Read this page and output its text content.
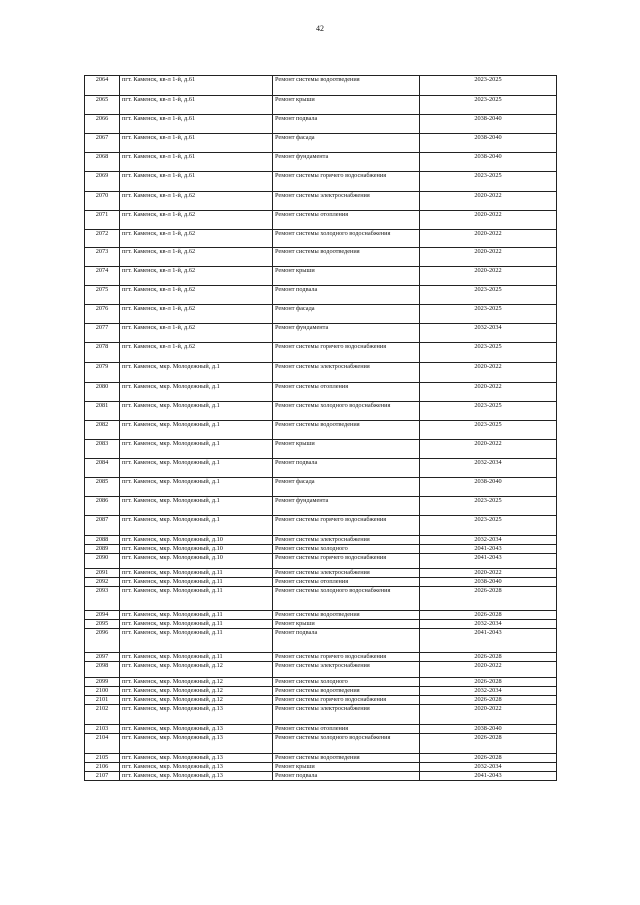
42
2064	пгт. Каменск, кв-л 1-й, д.61	Ремонт системы водоотведения	2023-2025
2065	пгт. Каменск, кв-л 1-й, д.61	Ремонт крыши	2023-2025
2066	пгт. Каменск, кв-л 1-й, д.61	Ремонт подвала	2038-2040
2067	пгт. Каменск, кв-л 1-й, д.61	Ремонт фасада	2038-2040
2068	пгт. Каменск, кв-л 1-й, д.61	Ремонт фундамента	2038-2040
2069	пгт. Каменск, кв-л 1-й, д.61	Ремонт системы горячего водоснабжения	2023-2025
2070	пгт. Каменск, кв-л 1-й, д.62	Ремонт системы электроснабжения	2020-2022
2071	пгт. Каменск, кв-л 1-й, д.62	Ремонт системы отопления	2020-2022
2072	пгт. Каменск, кв-л 1-й, д.62	Ремонт системы холодного водоснабжения	2020-2022
2073	пгт. Каменск, кв-л 1-й, д.62	Ремонт системы водоотведения	2020-2022
2074	пгт. Каменск, кв-л 1-й, д.62	Ремонт крыши	2020-2022
2075	пгт. Каменск, кв-л 1-й, д.62	Ремонт подвала	2023-2025
2076	пгт. Каменск, кв-л 1-й, д.62	Ремонт фасада	2023-2025
2077	пгт. Каменск, кв-л 1-й, д.62	Ремонт фундамента	2032-2034
2078	пгт. Каменск, кв-л 1-й, д.62	Ремонт системы горячего водоснабжения	2023-2025
2079	пгт. Каменск, мкр. Молодежный, д.1	Ремонт системы электроснабжения	2020-2022
2080	пгт. Каменск, мкр. Молодежный, д.1	Ремонт системы отопления	2020-2022
2081	пгт. Каменск, мкр. Молодежный, д.1	Ремонт системы холодного водоснабжения	2023-2025
2082	пгт. Каменск, мкр. Молодежный, д.1	Ремонт системы водоотведения	2023-2025
2083	пгт. Каменск, мкр. Молодежный, д.1	Ремонт крыши	2020-2022
2084	пгт. Каменск, мкр. Молодежный, д.1	Ремонт подвала	2032-2034
2085	пгт. Каменск, мкр. Молодежный, д.1	Ремонт фасада	2038-2040
2086	пгт. Каменск, мкр. Молодежный, д.1	Ремонт фундамента	2023-2025
2087	пгт. Каменск, мкр. Молодежный, д.1	Ремонт системы горячего водоснабжения	2023-2025
2088	пгт. Каменск, мкр. Молодежный, д.10	Ремонт системы электроснабжения	2032-2034
2089	пгт. Каменск, мкр. Молодежный, д.10	Ремонт системы холодного	2041-2043
2090	пгт. Каменск, мкр. Молодежный, д.10	Ремонт системы горячего водоснабжения	2041-2043
2091	пгт. Каменск, мкр. Молодежный, д.11	Ремонт системы электроснабжения	2020-2022
2092	пгт. Каменск, мкр. Молодежный, д.11	Ремонт системы отопления	2038-2040
2093	пгт. Каменск, мкр. Молодежный, д.11	Ремонт системы холодного водоснабжения	2026-2028
2094	пгт. Каменск, мкр. Молодежный, д.11	Ремонт системы водоотведения	2026-2028
2095	пгт. Каменск, мкр. Молодежный, д.11	Ремонт крыши	2032-2034
2096	пгт. Каменск, мкр. Молодежный, д.11	Ремонт подвала	2041-2043
2097	пгт. Каменск, мкр. Молодежный, д.11	Ремонт системы горячего водоснабжения	2026-2028
2098	пгт. Каменск, мкр. Молодежный, д.12	Ремонт системы электроснабжения	2020-2022
2099	пгт. Каменск, мкр. Молодежный, д.12	Ремонт системы холодного	2026-2028
2100	пгт. Каменск, мкр. Молодежный, д.12	Ремонт системы водоотведения	2032-2034
2101	пгт. Каменск, мкр. Молодежный, д.12	Ремонт системы горячего водоснабжения	2026-2028
2102	пгт. Каменск, мкр. Молодежный, д.13	Ремонт системы электроснабжения	2020-2022
2103	пгт. Каменск, мкр. Молодежный, д.13	Ремонт системы отопления	2038-2040
2104	пгт. Каменск, мкр. Молодежный, д.13	Ремонт системы холодного водоснабжения	2026-2028
2105	пгт. Каменск, мкр. Молодежный, д.13	Ремонт системы водоотведения	2026-2028
2106	пгт. Каменск, мкр. Молодежный, д.13	Ремонт крыши	2032-2034
2107	пгт. Каменск, мкр. Молодежный, д.13	Ремонт подвала	2041-2043
